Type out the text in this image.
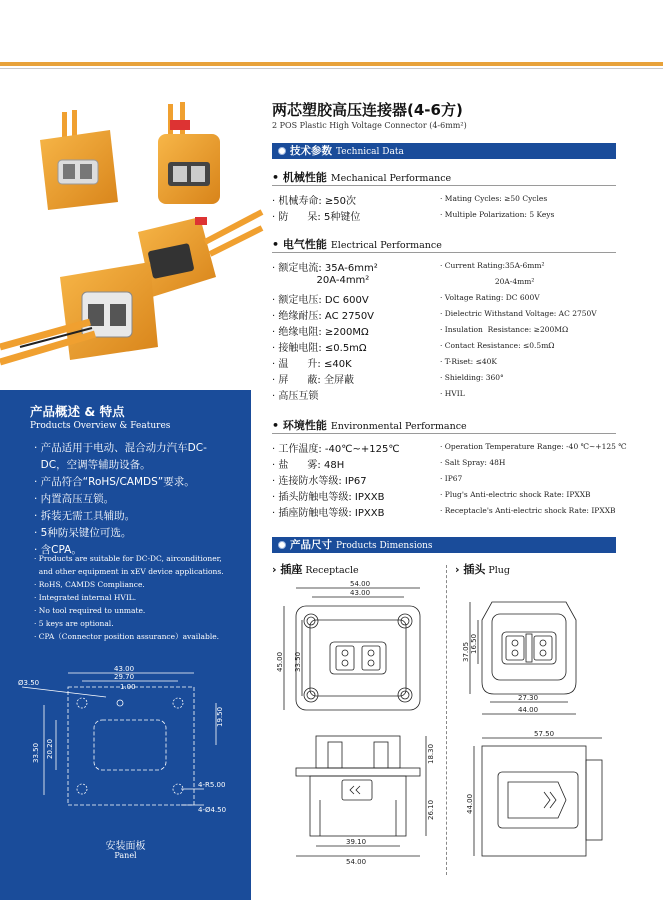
产品概述 & 特点
Products Overview & Features
· 产品适用于电动、混合动力汽车DC-
DC，空调等辅助设备。
· 产品符合“RoHS/CAMDS”要求。
· 内置高压互锁。
· 拆装无需工具辅助。
· 5种防呆键位可选。
· 含CPA。
· Products are suitable for DC-DC, airconditioner,
and other equipment in xEV device applications.
· RoHS, CAMDS Compliance.
· Integrated internal HVIL.
· No tool required to unmate.
· 5 keys are optional.
· CPA（Connector position assurance）available.
43.00
29.70
1.00
Ø3.50
19.50
33.50 20.20
4-R5.00
4-Ø4.50
安装面板
Panel
两芯塑胶高压连接器(4-6方)
2 POS Plastic High Voltage Connector (4-6mm²)
技术参数 Technical Data
• 机械性能 Mechanical Performance
· 机械寿命: ≥50次	· Mating Cycles: ≥50 Cycles
· 防      呆: 5种键位	· Multiple Polarization: 5 Keys
• 电气性能 Electrical Performance
· 额定电流: 35A-6mm²	· Current Rating:35A-6mm²
20A-4mm²	20A-4mm²
· 额定电压: DC 600V	· Voltage Rating: DC 600V
· 绝缘耐压: AC 2750V	· Dielectric Withstand Voltage: AC 2750V
· 绝缘电阻: ≥200MΩ	· Insulation  Resistance: ≥200MΩ
· 接触电阻: ≤0.5mΩ	· Contact Resistance: ≤0.5mΩ
· 温      升: ≤40K	· T-Riset: ≤40K
· 屏      蔽: 全屏蔽	· Shielding: 360°
· 高压互锁	· HVIL
• 环境性能 Environmental Performance
· 工作温度: -40℃~+125℃	· Operation Temperature Range: -40 ℃~+125 ℃
· 盐      雾: 48H	· Salt Spray: 48H
· 连接防水等级: IP67	· IP67
· 插头防触电等级: IPXXB	· Plug's Anti-electric shock Rate: IPXXB
· 插座防触电等级: IPXXB	· Receptacle's Anti-electric shock Rate: IPXXB
产品尺寸 Products Dimensions
› 插座 Receptacle	› 插头 Plug
54.00
43.00
45.00 33.50
18.30
26.10
39.10
54.00
37.05 16.50
27.30
44.00
57.50
44.00
